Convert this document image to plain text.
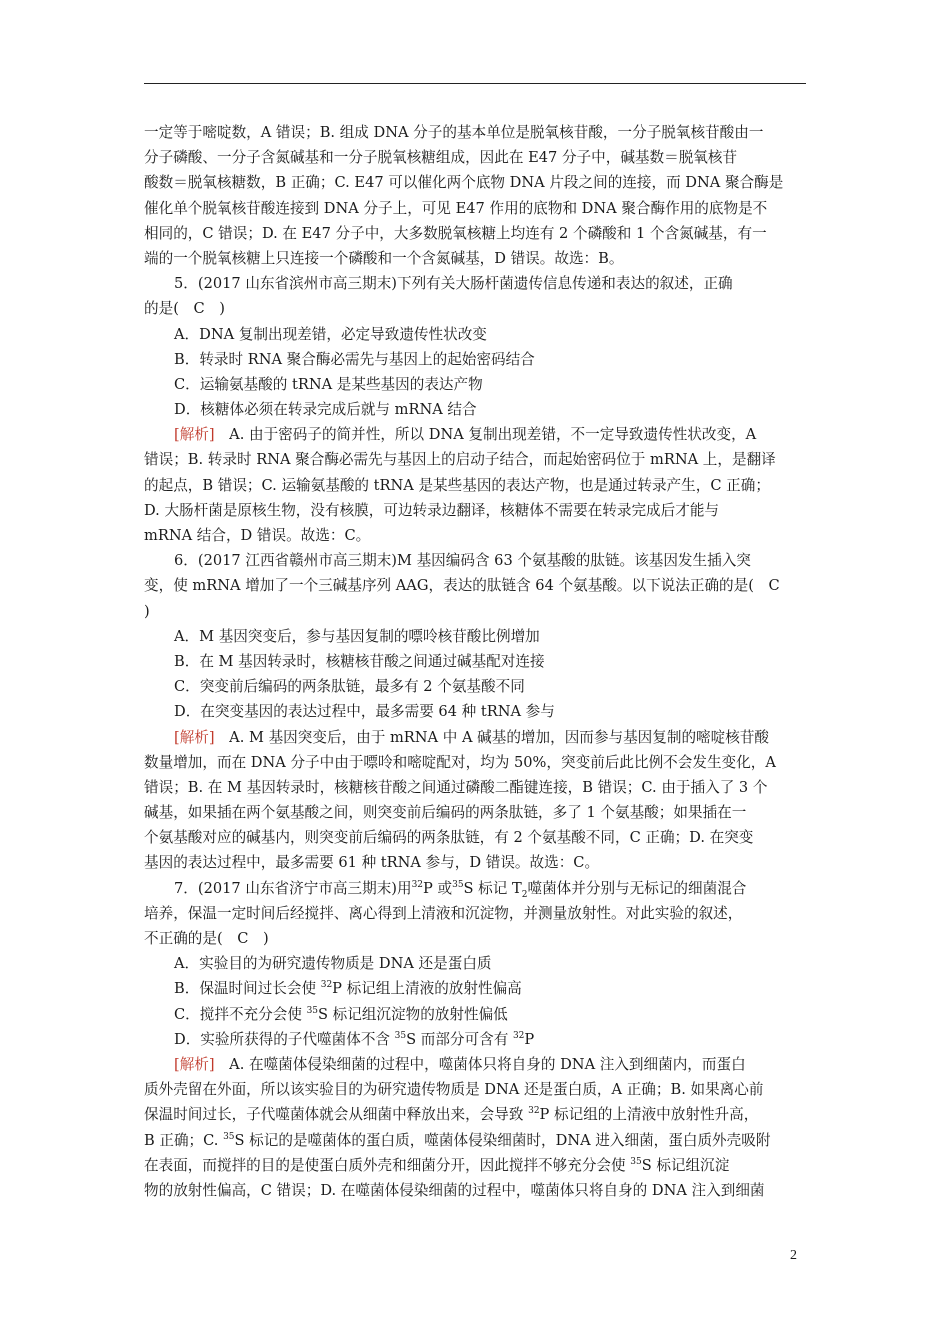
一定等于嘧啶数，A 错误；B. 组成 DNA 分子的基本单位是脱氧核苷酸，一分子脱氧核苷酸由一
分子磷酸、一分子含氮碱基和一分子脱氧核糖组成，因此在 E47 分子中，碱基数＝脱氧核苷
酸数＝脱氧核糖数，B 正确；C. E47 可以催化两个底物 DNA 片段之间的连接，而 DNA 聚合酶是
催化单个脱氧核苷酸连接到 DNA 分子上，可见 E47 作用的底物和 DNA 聚合酶作用的底物是不
相同的，C 错误；D. 在 E47 分子中，大多数脱氧核糖上均连有 2 个磷酸和 1 个含氮碱基，有一
端的一个脱氧核糖上只连接一个磷酸和一个含氮碱基，D 错误。故选：B。
5．(2017 山东省滨州市高三期末)下列有关大肠杆菌遗传信息传递和表达的叙述，正确
的是(　C　)
A．DNA 复制出现差错，必定导致遗传性状改变
B．转录时 RNA 聚合酶必需先与基因上的起始密码结合
C．运输氨基酸的 tRNA 是某些基因的表达产物
D．核糖体必须在转录完成后就与 mRNA 结合
[解析]　A. 由于密码子的简并性，所以 DNA 复制出现差错，不一定导致遗传性状改变，A
错误；B. 转录时 RNA 聚合酶必需先与基因上的启动子结合，而起始密码位于 mRNA 上，是翻译
的起点，B 错误；C. 运输氨基酸的 tRNA 是某些基因的表达产物，也是通过转录产生，C 正确；
D. 大肠杆菌是原核生物，没有核膜，可边转录边翻译，核糖体不需要在转录完成后才能与
mRNA 结合，D 错误。故选：C。
6．(2017 江西省赣州市高三期末)M 基因编码含 63 个氨基酸的肽链。该基因发生插入突
变，使 mRNA 增加了一个三碱基序列 AAG，表达的肽链含 64 个氨基酸。以下说法正确的是(　C
)
A．M 基因突变后，参与基因复制的嘌呤核苷酸比例增加
B．在 M 基因转录时，核糖核苷酸之间通过碱基配对连接
C．突变前后编码的两条肽链，最多有 2 个氨基酸不同
D．在突变基因的表达过程中，最多需要 64 种 tRNA 参与
[解析]　A. M 基因突变后，由于 mRNA 中 A 碱基的增加，因而参与基因复制的嘧啶核苷酸
数量增加，而在 DNA 分子中由于嘌呤和嘧啶配对，均为 50%，突变前后此比例不会发生变化，A
错误；B. 在 M 基因转录时，核糖核苷酸之间通过磷酸二酯键连接，B 错误；C. 由于插入了 3 个
碱基，如果插在两个氨基酸之间，则突变前后编码的两条肽链，多了 1 个氨基酸；如果插在一
个氨基酸对应的碱基内，则突变前后编码的两条肽链，有 2 个氨基酸不同，C 正确；D. 在突变
基因的表达过程中，最多需要 61 种 tRNA 参与，D 错误。故选：C。
7．(2017 山东省济宁市高三期末)用$^{32}$P 或$^{35}$S 标记 $T_2$噬菌体并分别与无标记的细菌混合
培养，保温一定时间后经搅拌、离心得到上清液和沉淀物，并测量放射性。对此实验的叙述，
不正确的是(　C　)
A．实验目的为研究遗传物质是 DNA 还是蛋白质
B．保温时间过长会使 $^{32}$P 标记组上清液的放射性偏高
C．搅拌不充分会使 $^{35}$S 标记组沉淀物的放射性偏低
D．实验所获得的子代噬菌体不含 $^{35}$S 而部分可含有 $^{32}$P
[解析]　A. 在噬菌体侵染细菌的过程中，噬菌体只将自身的 DNA 注入到细菌内，而蛋白
质外壳留在外面，所以该实验目的为研究遗传物质是 DNA 还是蛋白质，A 正确；B. 如果离心前
保温时间过长，子代噬菌体就会从细菌中释放出来，会导致 $^{32}$P 标记组的上清液中放射性升高，
B 正确；C. $^{35}$S 标记的是噬菌体的蛋白质，噬菌体侵染细菌时，DNA 进入细菌，蛋白质外壳吸附
在表面，而搅拌的目的是使蛋白质外壳和细菌分开，因此搅拌不够充分会使 $^{35}$S 标记组沉淀
物的放射性偏高，C 错误；D. 在噬菌体侵染细菌的过程中，噬菌体只将自身的 DNA 注入到细菌
2
